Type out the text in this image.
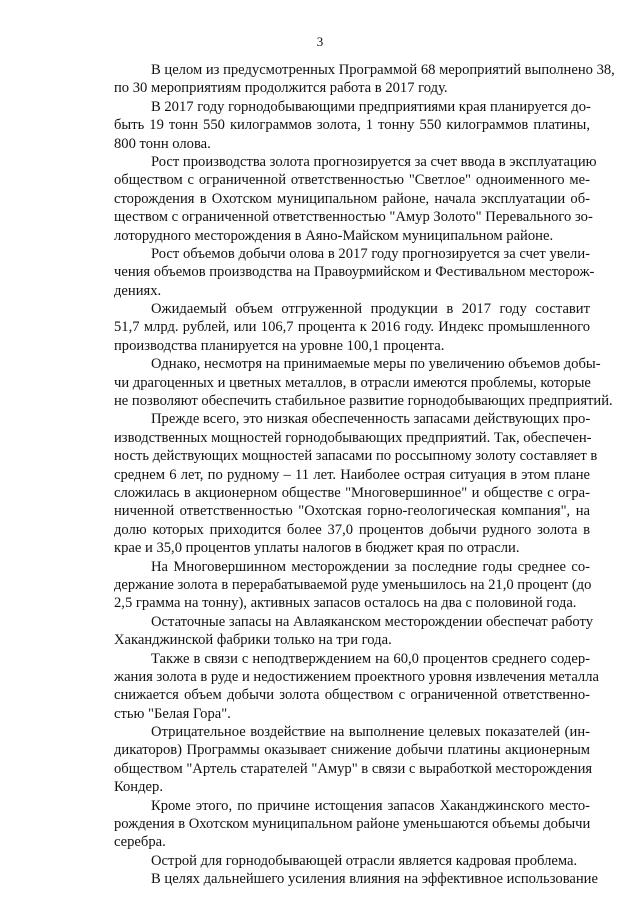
3
В целом из предусмотренных Программой 68 мероприятий выполнено 38,
по 30 мероприятиям продолжится работа в 2017 году.
В 2017 году горнодобывающими предприятиями края планируется до-
быть 19 тонн 550 килограммов золота, 1 тонну 550 килограммов платины,
800 тонн олова.
Рост производства золота прогнозируется за счет ввода в эксплуатацию
обществом с ограниченной ответственностью "Светлое" одноименного ме-
сторождения в Охотском муниципальном районе, начала эксплуатации об-
ществом с ограниченной ответственностью "Амур Золото" Перевального зо-
лоторудного месторождения в Аяно-Майском муниципальном районе.
Рост объемов добычи олова в 2017 году прогнозируется за счет увели-
чения объемов производства на Правоурмийском и Фестивальном месторож-
дениях.
Ожидаемый объем отгруженной продукции в 2017 году составит
51,7 млрд. рублей, или 106,7 процента к 2016 году. Индекс промышленного
производства планируется на уровне 100,1 процента.
Однако, несмотря на принимаемые меры по увеличению объемов добы-
чи драгоценных и цветных металлов, в отрасли имеются проблемы, которые
не позволяют обеспечить стабильное развитие горнодобывающих предприятий.
Прежде всего, это низкая обеспеченность запасами действующих про-
изводственных мощностей горнодобывающих предприятий. Так, обеспечен-
ность действующих мощностей запасами по россыпному золоту составляет в
среднем 6 лет, по рудному – 11 лет. Наиболее острая ситуация в этом плане
сложилась в акционерном обществе "Многовершинное" и обществе с огра-
ниченной ответственностью "Охотская горно-геологическая компания", на
долю которых приходится более 37,0 процентов добычи рудного золота в
крае и 35,0 процентов уплаты налогов в бюджет края по отрасли.
На Многовершинном месторождении за последние годы среднее со-
держание золота в перерабатываемой руде уменьшилось на 21,0 процент (до
2,5 грамма на тонну), активных запасов осталось на два с половиной года.
Остаточные запасы на Авлаяканском месторождении обеспечат работу
Хаканджинской фабрики только на три года.
Также в связи с неподтверждением на 60,0 процентов среднего содер-
жания золота в руде и недостижением проектного уровня извлечения металла
снижается объем добычи золота обществом с ограниченной ответственно-
стью "Белая Гора".
Отрицательное воздействие на выполнение целевых показателей (ин-
дикаторов) Программы оказывает снижение добычи платины акционерным
обществом "Артель старателей "Амур" в связи с выработкой месторождения
Кондер.
Кроме этого, по причине истощения запасов Хаканджинского место-
рождения в Охотском муниципальном районе уменьшаются объемы добычи
серебра.
Острой для горнодобывающей отрасли является кадровая проблема.
В целях дальнейшего усиления влияния на эффективное использование
